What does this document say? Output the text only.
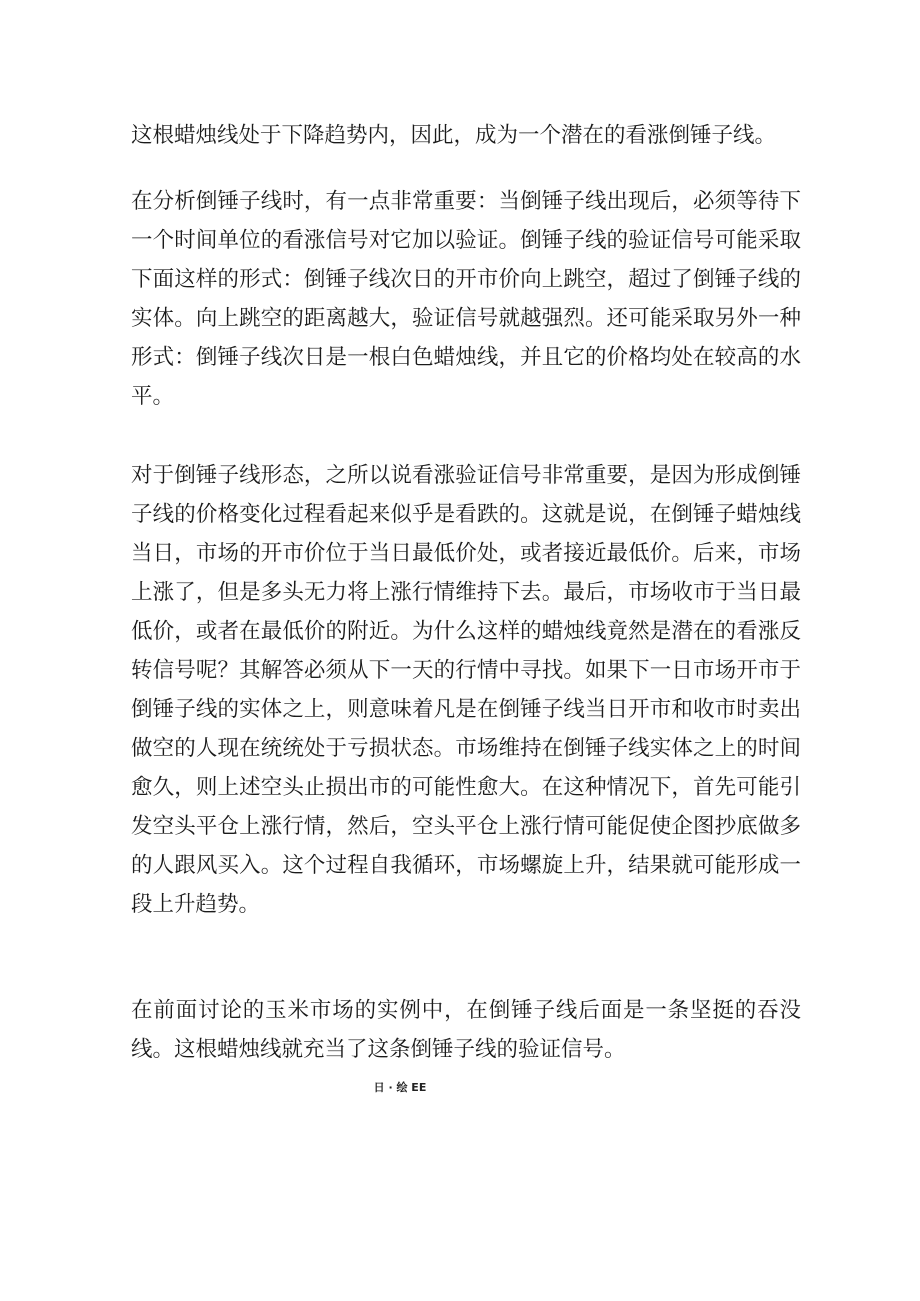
这根蜡烛线处于下降趋势内，因此，成为一个潜在的看涨倒锤子线。

在分析倒锤子线时，有一点非常重要：当倒锤子线出现后，必须等待下一个时间单位的看涨信号对它加以验证。倒锤子线的验证信号可能采取下面这样的形式：倒锤子线次日的开市价向上跳空，超过了倒锤子线的实体。向上跳空的距离越大，验证信号就越强烈。还可能采取另外一种形式：倒锤子线次日是一根白色蜡烛线，并且它的价格均处在较高的水平。

对于倒锤子线形态，之所以说看涨验证信号非常重要，是因为形成倒锤子线的价格变化过程看起来似乎是看跌的。这就是说，在倒锤子蜡烛线当日，市场的开市价位于当日最低价处，或者接近最低价。后来，市场上涨了，但是多头无力将上涨行情维持下去。最后，市场收市于当日最低价，或者在最低价的附近。为什么这样的蜡烛线竟然是潜在的看涨反转信号呢？其解答必须从下一天的行情中寻找。如果下一日市场开市于倒锤子线的实体之上，则意味着凡是在倒锤子线当日开市和收市时卖出做空的人现在统统处于亏损状态。市场维持在倒锤子线实体之上的时间愈久，则上述空头止损出市的可能性愈大。在这种情况下，首先可能引发空头平仓上涨行情，然后，空头平仓上涨行情可能促使企图抄底做多的人跟风买入。这个过程自我循环，市场螺旋上升，结果就可能形成一段上升趋势。

在前面讨论的玉米市场的实例中，在倒锤子线后面是一条坚挺的吞没线。这根蜡烛线就充当了这条倒锤子线的验证信号。

日 · 绘 EE
